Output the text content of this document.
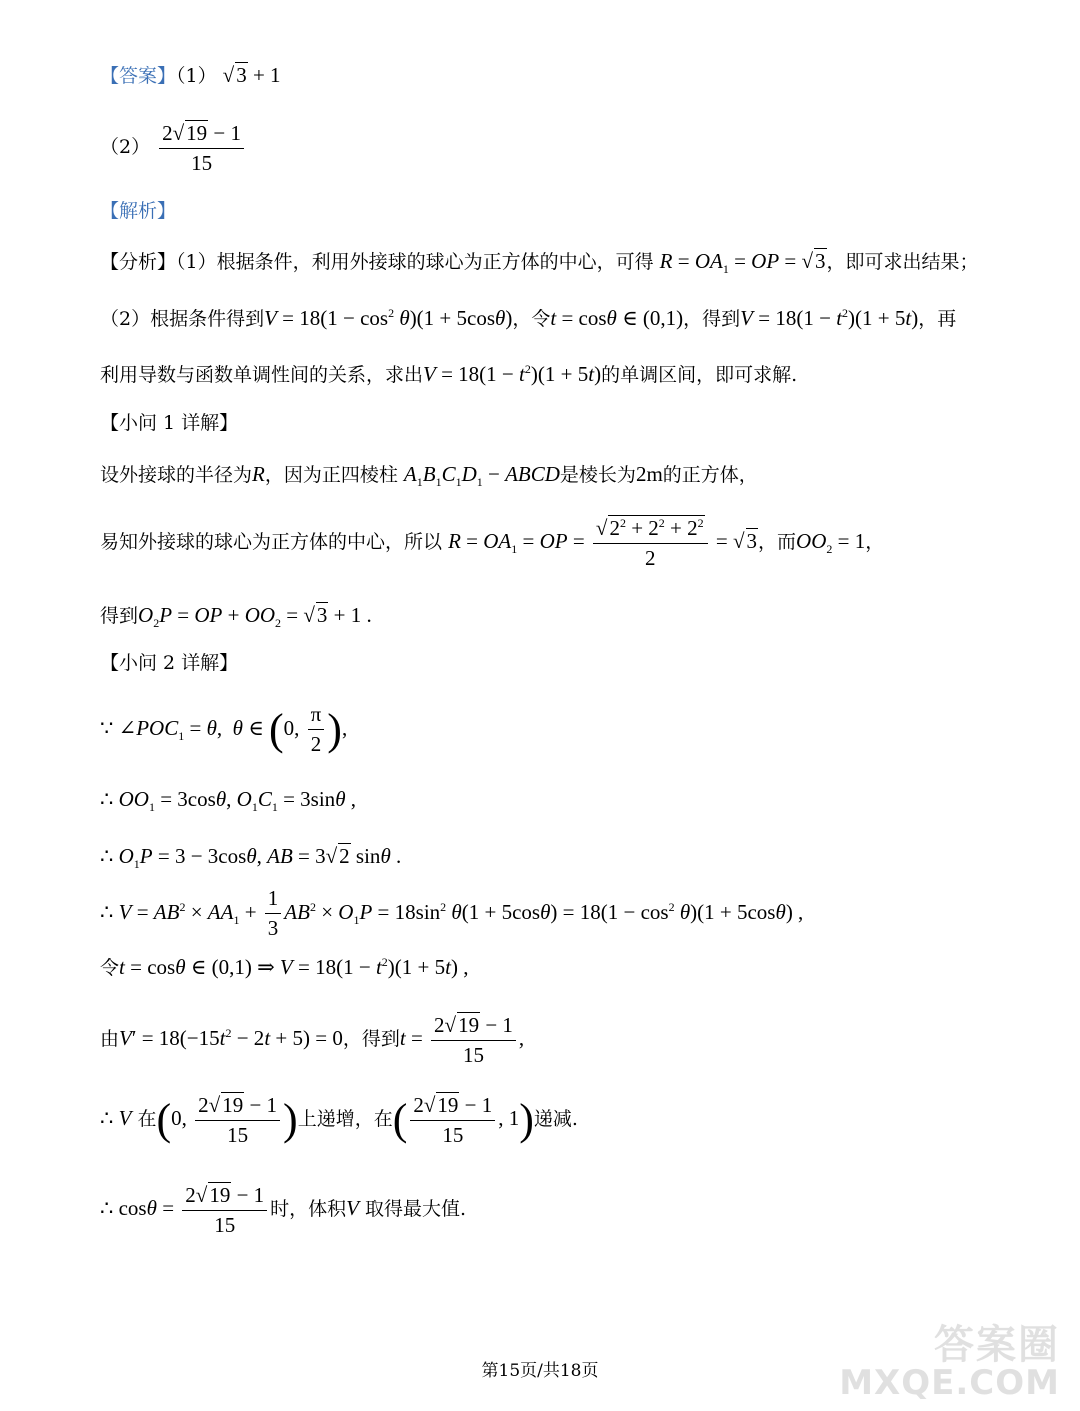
【答案】（1） √3 + 1
$(2) \frac{2√19 - 1}{15}$
【解析】
【分析】（1）根据条件，利用外接球的球心为正方体的中心，可得 $R = OA_1$ = OP = √3，即可求出结果；
（2）根据条件得到$V = 18(1 - \cos^2 \theta)(1 + 5\cos\theta)$，令t = cosθ ∈ (0,1)，得到$V = 18(1 - t^2)(1 + 5t)$，再
利用导数与函数单调性间的关系，求出$V = 18(1 - t^2)(1 + 5t)$的单调区间，即可求解.
【小问 1 详解】
设外接球的半径为R，因为正四棱柱 $A_1B_1C_1D_1$ − ABCD是棱长为2m的正方体，
易知外接球的球心为正方体的中心，所以 $R = OA_1$ = OP = $\frac{√2^2 + 2^2 + 2^2}{2} = √3$，而$OO_2 = 1$，
得到$O_2P$ = OP + $OO_2 = √3 + 1$ .
【小问 2 详解】
∵ $\angle POC_1 = \theta$,  θ ∈ (0, $\frac{\pi}{2}$ ),
∴ $OO_1 = 3\cos\theta$, $O_1C_1 = 3\sin\theta$ ,
∴ $O_1P = 3 - 3\cos\theta$, AB = 3√2 sinθ .
∴ $V = AB^2 \times AA_1 + \frac{1}{3} AB^2 \times O_1P = 18\sin^2$ $\theta(1 + 5\cos\theta) = 18(1 - \cos^2 \theta)(1 + 5\cos\theta)$ ,
令t = cosθ ∈ (0,1) ⇒ $V = 18(1 - t^2)(1 + 5t)$ ,
由$V' = 18(-15t^2 - 2t + 5) = 0$，得到$t = \frac{2√19 - 1}{15}$ ,
∴ V 在(0, $\frac{2√19 - 1}{15}$ )上递增，在( $\frac{2√19 - 1}{15}$ , 1)递减.
∴ $\cos\theta = \frac{2√19 - 1}{15}$ 时，体积V 取得最大值.
第15页/共18页
答案圈
MXQE.COM
